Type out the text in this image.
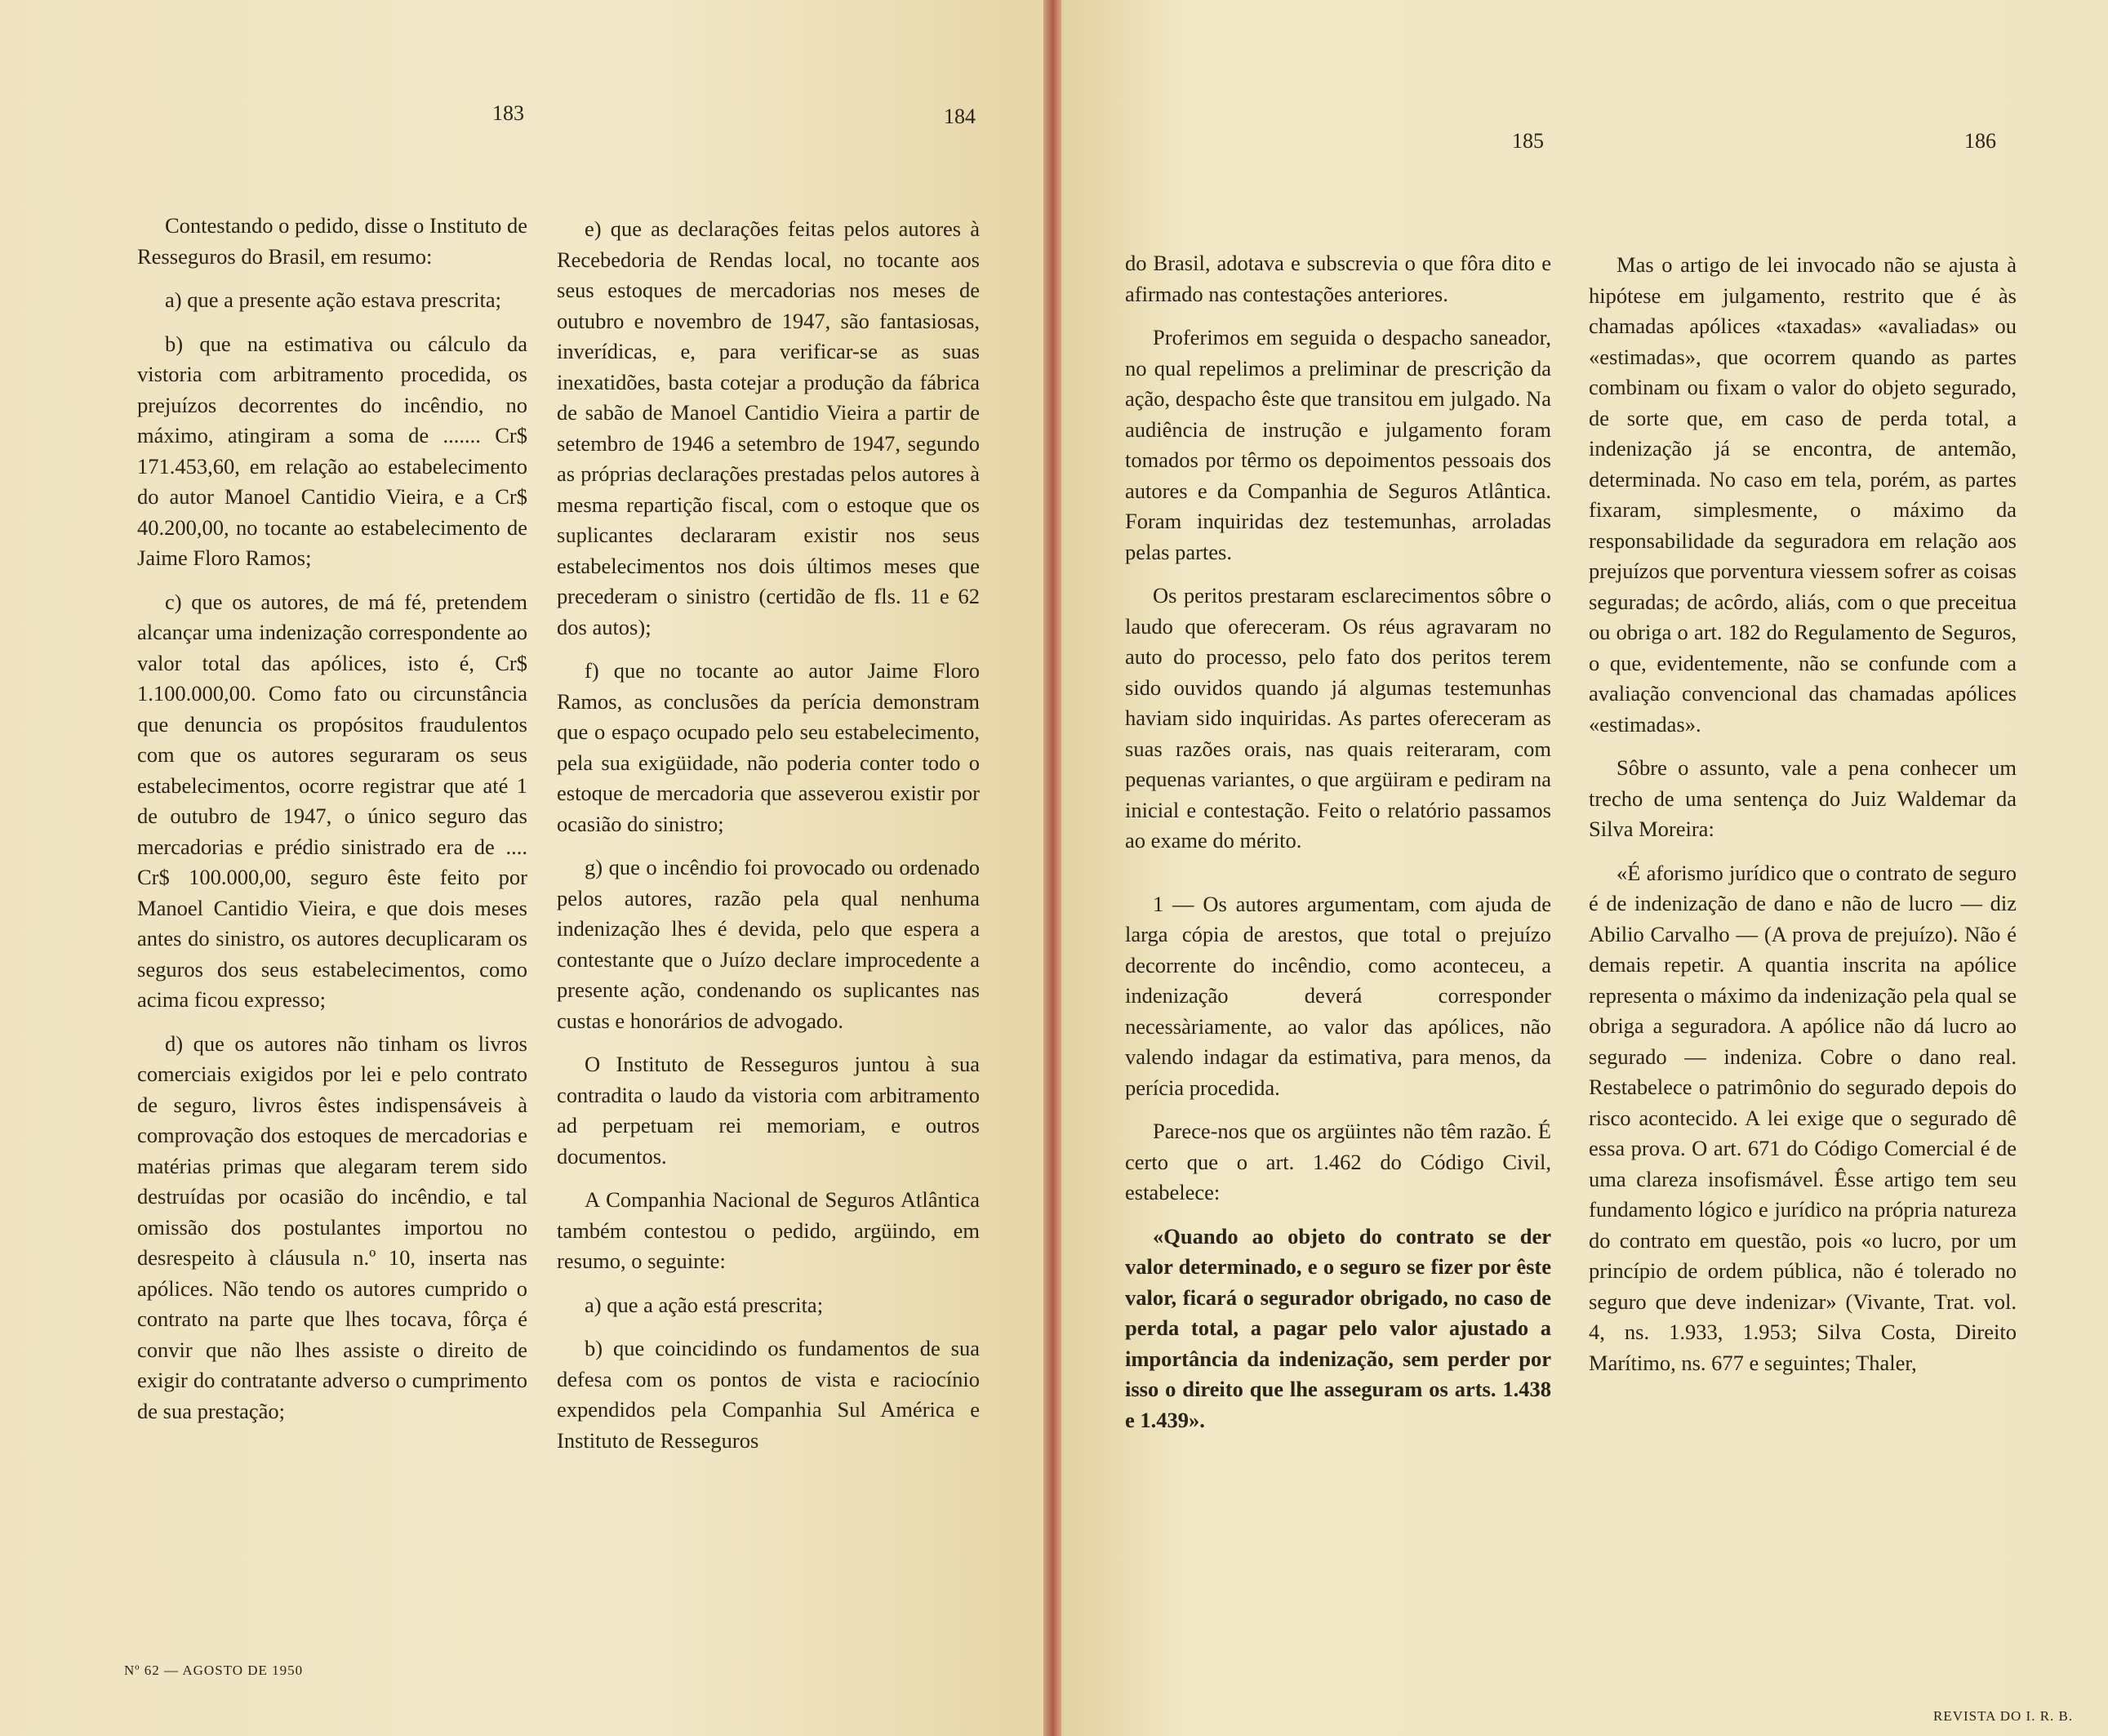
183	184

Contestando o pedido, disse o Instituto de Resseguros do Brasil, em resumo:

a) que a presente ação estava prescrita;

b) que na estimativa ou cálculo da vistoria com arbitramento procedida, os prejuízos decorrentes do incêndio, no máximo, atingiram a soma de ....... Cr$ 171.453,60, em relação ao estabelecimento do autor Manoel Cantidio Vieira, e a Cr$ 40.200,00, no tocante ao estabelecimento de Jaime Floro Ramos;

c) que os autores, de má fé, pretendem alcançar uma indenização correspondente ao valor total das apólices, isto é, Cr$ 1.100.000,00. Como fato ou circunstância que denuncia os propósitos fraudulentos com que os autores seguraram os seus estabelecimentos, ocorre registrar que até 1 de outubro de 1947, o único seguro das mercadorias e prédio sinistrado era de .... Cr$ 100.000,00, seguro êste feito por Manoel Cantidio Vieira, e que dois meses antes do sinistro, os autores decuplicaram os seguros dos seus estabelecimentos, como acima ficou expresso;

d) que os autores não tinham os livros comerciais exigidos por lei e pelo contrato de seguro, livros êstes indispensáveis à comprovação dos estoques de mercadorias e matérias primas que alegaram terem sido destruídas por ocasião do incêndio, e tal omissão dos postulantes importou no desrespeito à cláusula n.º 10, inserta nas apólices. Não tendo os autores cumprido o contrato na parte que lhes tocava, fôrça é convir que não lhes assiste o direito de exigir do contratante adverso o cumprimento de sua prestação;

e) que as declarações feitas pelos autores à Recebedoria de Rendas local, no tocante aos seus estoques de mercadorias nos meses de outubro e novembro de 1947, são fantasiosas, inverídicas, e, para verificar-se as suas inexatidões, basta cotejar a produção da fábrica de sabão de Manoel Cantidio Vieira a partir de setembro de 1946 a setembro de 1947, segundo as próprias declarações prestadas pelos autores à mesma repartição fiscal, com o estoque que os suplicantes declararam existir nos seus estabelecimentos nos dois últimos meses que precederam o sinistro (certidão de fls. 11 e 62 dos autos);

f) que no tocante ao autor Jaime Floro Ramos, as conclusões da perícia demonstram que o espaço ocupado pelo seu estabelecimento, pela sua exigüidade, não poderia conter todo o estoque de mercadoria que asseverou existir por ocasião do sinistro;

g) que o incêndio foi provocado ou ordenado pelos autores, razão pela qual nenhuma indenização lhes é devida, pelo que espera a contestante que o Juízo declare improcedente a presente ação, condenando os suplicantes nas custas e honorários de advogado.

O Instituto de Resseguros juntou à sua contradita o laudo da vistoria com arbitramento ad perpetuam rei memoriam, e outros documentos.

A Companhia Nacional de Seguros Atlântica também contestou o pedido, argüindo, em resumo, o seguinte:

a) que a ação está prescrita;

b) que coincidindo os fundamentos de sua defesa com os pontos de vista e raciocínio expendidos pela Companhia Sul América e Instituto de Resseguros

Nº 62 — AGOSTO DE 1950
185	186

do Brasil, adotava e subscrevia o que fôra dito e afirmado nas contestações anteriores.

Proferimos em seguida o despacho saneador, no qual repelimos a preliminar de prescrição da ação, despacho êste que transitou em julgado. Na audiência de instrução e julgamento foram tomados por têrmo os depoimentos pessoais dos autores e da Companhia de Seguros Atlântica. Foram inquiridas dez testemunhas, arroladas pelas partes.

Os peritos prestaram esclarecimentos sôbre o laudo que ofereceram. Os réus agravaram no auto do processo, pelo fato dos peritos terem sido ouvidos quando já algumas testemunhas haviam sido inquiridas. As partes ofereceram as suas razões orais, nas quais reiteraram, com pequenas variantes, o que argüiram e pediram na inicial e contestação. Feito o relatório passamos ao exame do mérito.

1 — Os autores argumentam, com ajuda de larga cópia de arestos, que total o prejuízo decorrente do incêndio, como aconteceu, a indenização deverá corresponder necessàriamente, ao valor das apólices, não valendo indagar da estimativa, para menos, da perícia procedida.

Parece-nos que os argüintes não têm razão. É certo que o art. 1.462 do Código Civil, estabelece:

«Quando ao objeto do contrato se der valor determinado, e o seguro se fizer por êste valor, ficará o segurador obrigado, no caso de perda total, a pagar pelo valor ajustado a importância da indenização, sem perder por isso o direito que lhe asseguram os arts. 1.438 e 1.439».

Mas o artigo de lei invocado não se ajusta à hipótese em julgamento, restrito que é às chamadas apólices «taxadas» «avaliadas» ou «estimadas», que ocorrem quando as partes combinam ou fixam o valor do objeto segurado, de sorte que, em caso de perda total, a indenização já se encontra, de antemão, determinada. No caso em tela, porém, as partes fixaram, simplesmente, o máximo da responsabilidade da seguradora em relação aos prejuízos que porventura viessem sofrer as coisas seguradas; de acôrdo, aliás, com o que preceitua ou obriga o art. 182 do Regulamento de Seguros, o que, evidentemente, não se confunde com a avaliação convencional das chamadas apólices «estimadas».

Sôbre o assunto, vale a pena conhecer um trecho de uma sentença do Juiz Waldemar da Silva Moreira:

«É aforismo jurídico que o contrato de seguro é de indenização de dano e não de lucro — diz Abilio Carvalho — (A prova de prejuízo). Não é demais repetir. A quantia inscrita na apólice representa o máximo da indenização pela qual se obriga a seguradora. A apólice não dá lucro ao segurado — indeniza. Cobre o dano real. Restabelece o patrimônio do segurado depois do risco acontecido. A lei exige que o segurado dê essa prova. O art. 671 do Código Comercial é de uma clareza insofismável. Êsse artigo tem seu fundamento lógico e jurídico na própria natureza do contrato em questão, pois «o lucro, por um princípio de ordem pública, não é tolerado no seguro que deve indenizar» (Vivante, Trat. vol. 4, ns. 1.933, 1.953; Silva Costa, Direito Marítimo, ns. 677 e seguintes; Thaler,

REVISTA DO I. R. B.
